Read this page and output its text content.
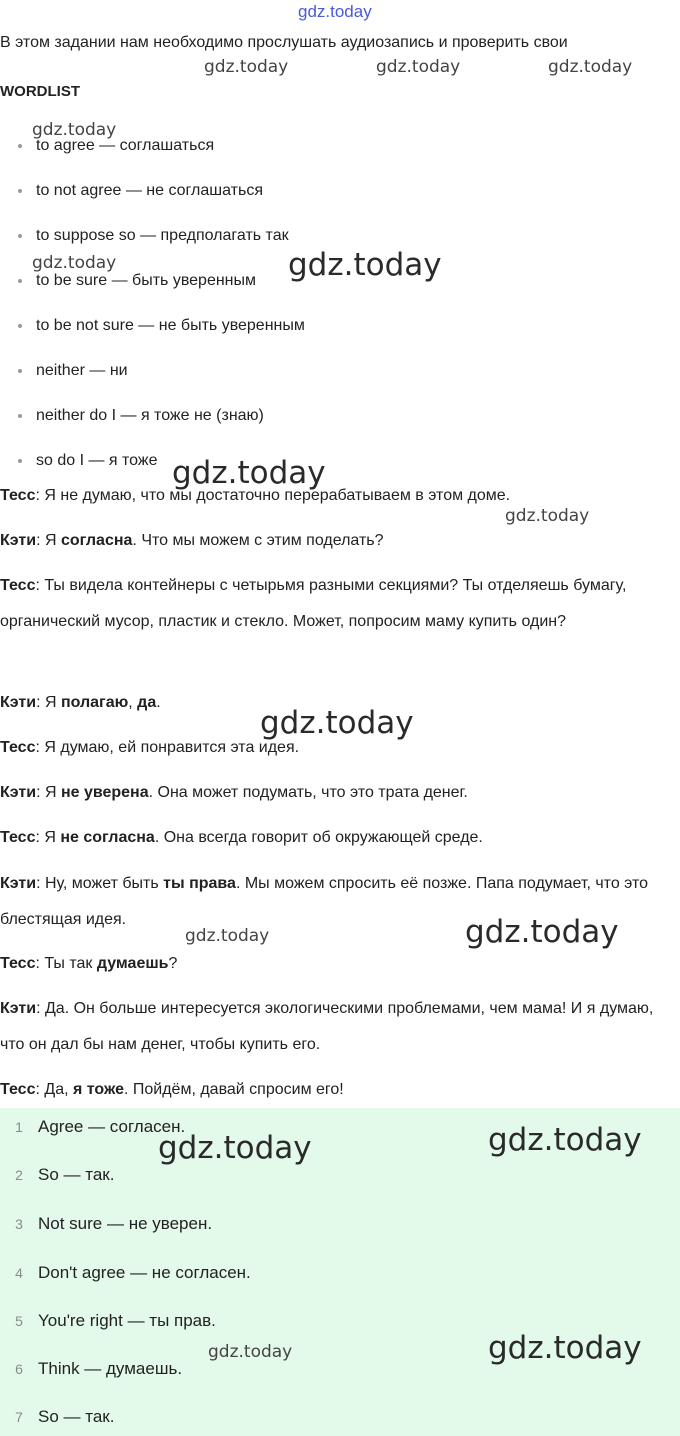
gdz.today
В этом задании нам необходимо прослушать аудиозапись и проверить свои
WORDLIST
to agree — соглашаться
to not agree — не соглашаться
to suppose so — предполагать так
to be sure — быть уверенным
to be not sure — не быть уверенным
neither — ни
neither do I — я тоже не (знаю)
so do I — я тоже
Тесс: Я не думаю, что мы достаточно перерабатываем в этом доме.
Кэти: Я согласна. Что мы можем с этим поделать?
Тесс: Ты видела контейнеры с четырьмя разными секциями? Ты отделяешь бумагу, органический мусор, пластик и стекло. Может, попросим маму купить один?
Кэти: Я полагаю, да.
Тесс: Я думаю, ей понравится эта идея.
Кэти: Я не уверена. Она может подумать, что это трата денег.
Тесс: Я не согласна. Она всегда говорит об окружающей среде.
Кэти: Ну, может быть ты права. Мы можем спросить её позже. Папа подумает, что это блестящая идея.
Тесс: Ты так думаешь?
Кэти: Да. Он больше интересуется экологическими проблемами, чем мама! И я думаю, что он дал бы нам денег, чтобы купить его.
Тесс: Да, я тоже. Пойдём, давай спросим его!
1 Agree — согласен.
2 So — так.
3 Not sure — не уверен.
4 Don't agree — не согласен.
5 You're right — ты прав.
6 Think — думаешь.
7 So — так.
gdz.today	gdz.today	gdz.today
gdz.today
gdz.today	gdz.today
gdz.today
gdz.today
gdz.today
gdz.today	gdz.today
gdz.today	gdz.today
gdz.today	gdz.today
